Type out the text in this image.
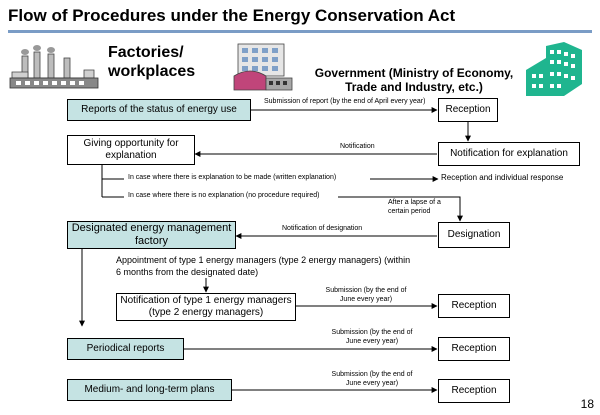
Flow of Procedures under the Energy Conservation Act
Factories/
workplaces	Government (Ministry of Economy,
Trade and Industry, etc.)
Reports of the status of energy use
Giving opportunity for explanation
Designated energy management factory
Notification of type 1 energy managers (type 2 energy managers)
Periodical reports
Medium- and long-term plans
Reception
Notification for explanation
Designation
Reception
Reception
Reception
Submission of report (by the end of April every year)
Notification
In case where there is explanation to be made (written explanation)	Reception and individual response
In case where there is no explanation (no procedure required)
After a lapse of a
certain period
Notification of designation
Appointment of type 1 energy managers (type 2 energy managers) (within 6 months from the designated date)
Submission (by the end of
June every year)
Submission (by the end of
June every year)
Submission (by the end of
June every year)
18
